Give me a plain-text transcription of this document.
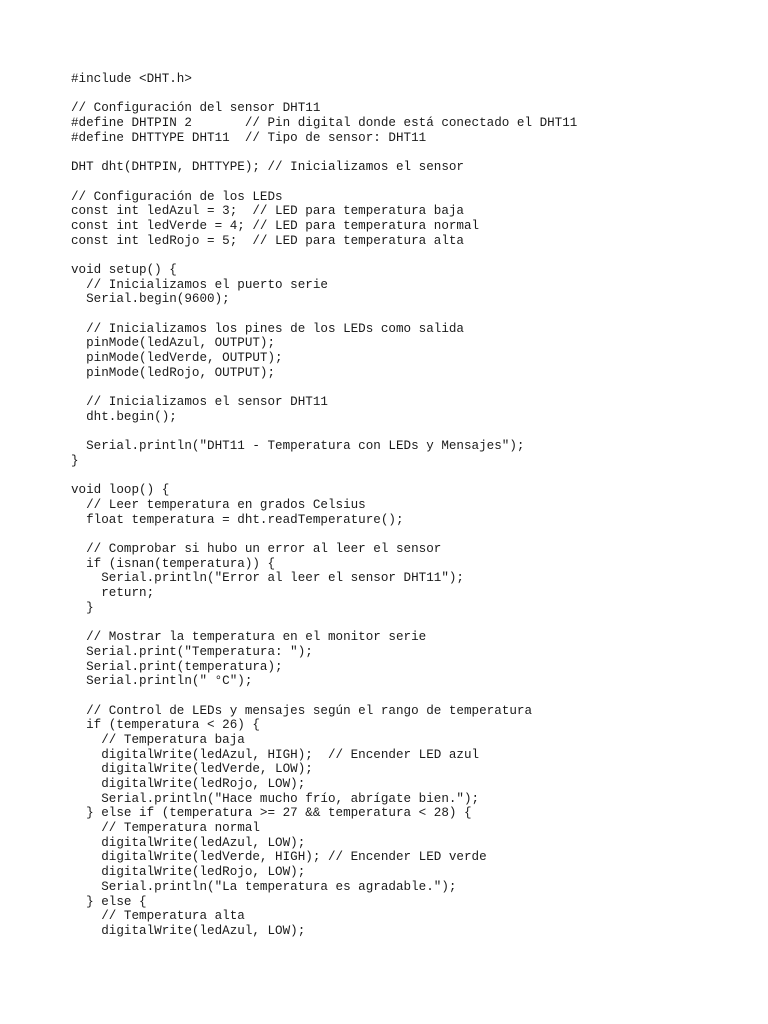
#include <DHT.h>
// Configuración del sensor DHT11
#define DHTPIN 2       // Pin digital donde está conectado el DHT11
#define DHTTYPE DHT11  // Tipo de sensor: DHT11
DHT dht(DHTPIN, DHTTYPE); // Inicializamos el sensor
// Configuración de los LEDs
const int ledAzul = 3;  // LED para temperatura baja
const int ledVerde = 4; // LED para temperatura normal
const int ledRojo = 5;  // LED para temperatura alta
void setup() {
// Inicializamos el puerto serie
Serial.begin(9600);
// Inicializamos los pines de los LEDs como salida
pinMode(ledAzul, OUTPUT);
pinMode(ledVerde, OUTPUT);
pinMode(ledRojo, OUTPUT);
// Inicializamos el sensor DHT11
dht.begin();
Serial.println("DHT11 - Temperatura con LEDs y Mensajes");
}
void loop() {
// Leer temperatura en grados Celsius
float temperatura = dht.readTemperature();
// Comprobar si hubo un error al leer el sensor
if (isnan(temperatura)) {
Serial.println("Error al leer el sensor DHT11");
return;
}
// Mostrar la temperatura en el monitor serie
Serial.print("Temperatura: ");
Serial.print(temperatura);
Serial.println(" °C");
// Control de LEDs y mensajes según el rango de temperatura
if (temperatura < 26) {
// Temperatura baja
digitalWrite(ledAzul, HIGH);  // Encender LED azul
digitalWrite(ledVerde, LOW);
digitalWrite(ledRojo, LOW);
Serial.println("Hace mucho frío, abrígate bien.");
} else if (temperatura >= 27 && temperatura < 28) {
// Temperatura normal
digitalWrite(ledAzul, LOW);
digitalWrite(ledVerde, HIGH); // Encender LED verde
digitalWrite(ledRojo, LOW);
Serial.println("La temperatura es agradable.");
} else {
// Temperatura alta
digitalWrite(ledAzul, LOW);
